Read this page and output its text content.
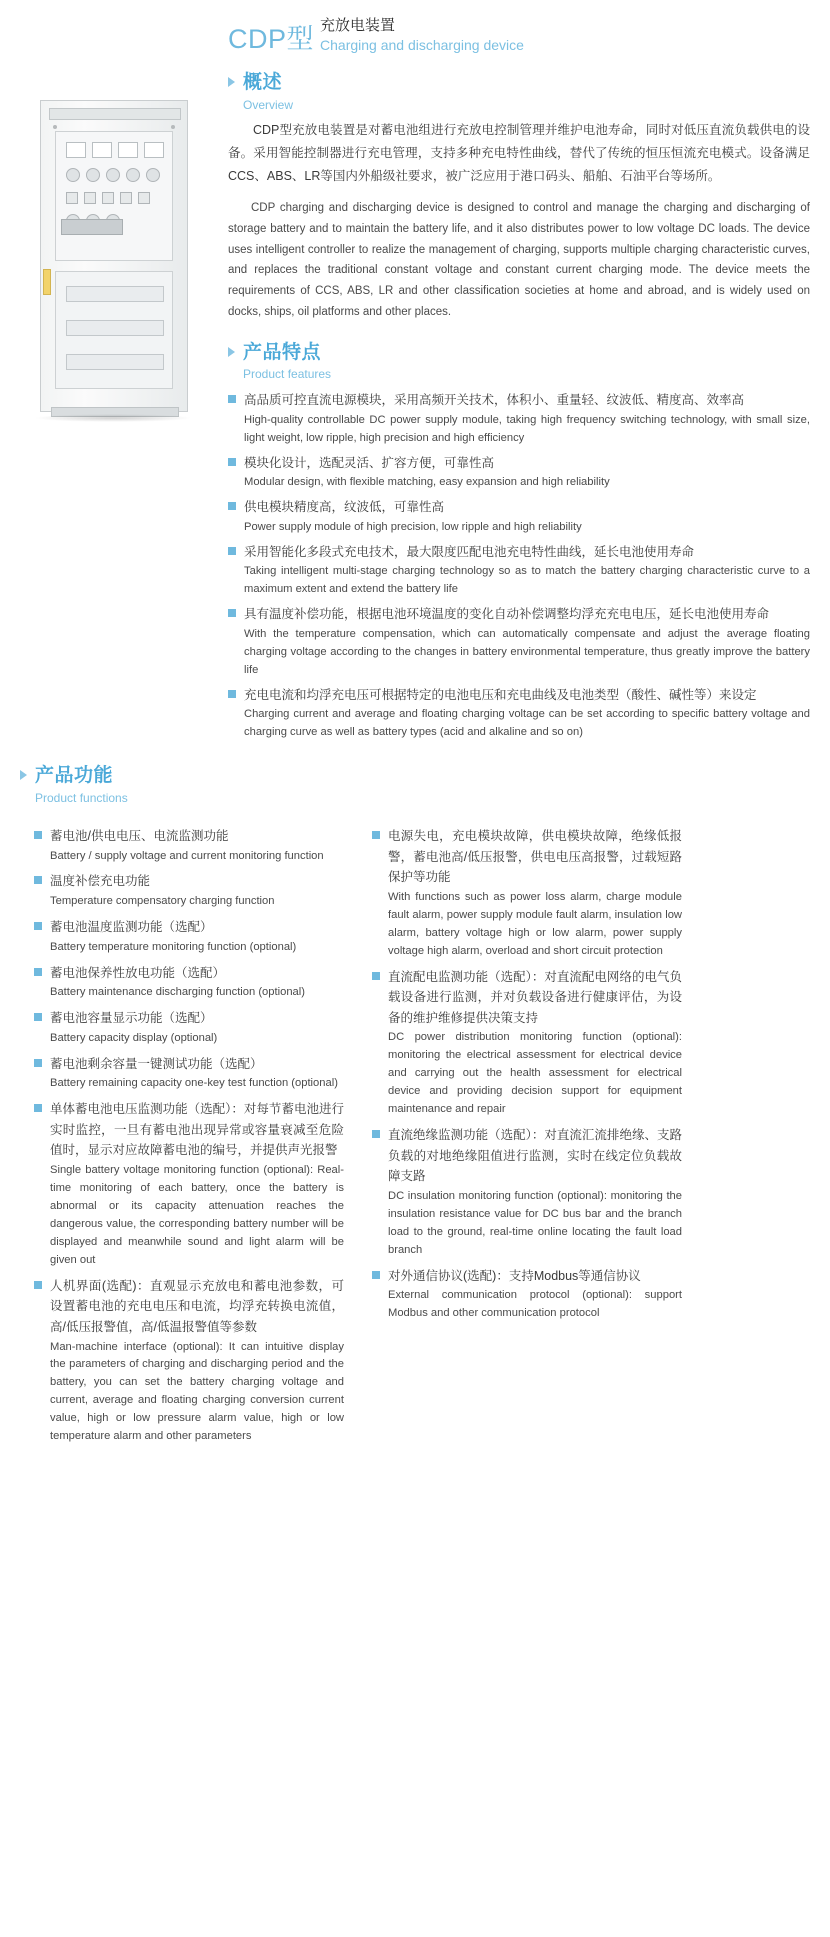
CDP型 充放电装置
Charging and discharging device
概述
Overview

CDP型充放电装置是对蓄电池组进行充放电控制管理并维护电池寿命，同时对低压直流负载供电的设备。采用智能控制器进行充电管理，支持多种充电特性曲线，替代了传统的恒压恒流充电模式。设备满足CCS、ABS、LR等国内外船级社要求，被广泛应用于港口码头、船舶、石油平台等场所。

CDP charging and discharging device is designed to control and manage the charging and discharging of storage battery and to maintain the battery life, and it also distributes power to low voltage DC loads. The device uses intelligent controller to realize the management of charging, supports multiple charging characteristic curves, and replaces the traditional constant voltage and constant current charging mode. The device meets the requirements of CCS, ABS, LR and other classification societies at home and abroad, and is widely used on docks, ships, oil platforms and other places.

产品特点
Product features
高品质可控直流电源模块，采用高频开关技术，体积小、重量轻、纹波低、精度高、效率高
High-quality controllable DC power supply module, taking high frequency switching technology, with small size, light weight, low ripple, high precision and high efficiency
模块化设计，选配灵活、扩容方便，可靠性高
Modular design, with flexible matching, easy expansion and high reliability
供电模块精度高，纹波低，可靠性高
Power supply module of high precision, low ripple and high reliability
采用智能化多段式充电技术，最大限度匹配电池充电特性曲线，延长电池使用寿命
Taking intelligent multi-stage charging technology so as to match the battery charging characteristic curve to a maximum extent and extend the battery life
具有温度补偿功能，根据电池环境温度的变化自动补偿调整均浮充充电电压，延长电池使用寿命
With the temperature compensation, which can automatically compensate and adjust the average floating charging voltage according to the changes in battery environmental temperature, thus greatly improve the battery life
充电电流和均浮充电压可根据特定的电池电压和充电曲线及电池类型（酸性、碱性等）来设定
Charging current and average and floating charging voltage can be set according to specific battery voltage and charging curve as well as battery types (acid and alkaline and so on)
产品功能
Product functions
蓄电池/供电电压、电流监测功能
Battery / supply voltage and current monitoring function
温度补偿充电功能
Temperature compensatory charging function
蓄电池温度监测功能（选配）
Battery temperature monitoring function (optional)
蓄电池保养性放电功能（选配）
Battery maintenance discharging function (optional)
蓄电池容量显示功能（选配）
Battery capacity display (optional)
蓄电池剩余容量一键测试功能（选配）
Battery remaining capacity one-key test function (optional)
单体蓄电池电压监测功能（选配）：对每节蓄电池进行实时监控，一旦有蓄电池出现异常或容量衰减至危险值时，显示对应故障蓄电池的编号，并提供声光报警
Single battery voltage monitoring function (optional): Real-time monitoring of each battery, once the battery is abnormal or its capacity attenuation reaches the dangerous value, the corresponding battery number will be displayed and meanwhile sound and light alarm will be given out
人机界面(选配)：直观显示充放电和蓄电池参数，可设置蓄电池的充电电压和电流，均浮充转换电流值，高/低压报警值，高/低温报警值等参数
Man-machine interface (optional): It can intuitive display the parameters of charging and discharging period and the battery, you can set the battery charging voltage and current, average and floating charging conversion current value, high or low pressure alarm value, high or low temperature alarm and other parameters
电源失电，充电模块故障，供电模块故障，绝缘低报警，蓄电池高/低压报警，供电电压高报警，过载短路保护等功能
With functions such as power loss alarm, charge module fault alarm, power supply module fault alarm, insulation low alarm, battery voltage high or low alarm, power supply voltage high alarm, overload and short circuit protection
直流配电监测功能（选配）：对直流配电网络的电气负载设备进行监测，并对负载设备进行健康评估，为设备的维护维修提供决策支持
DC power distribution monitoring function (optional): monitoring the electrical assessment for electrical device and carrying out the health assessment for electrical device and providing decision support for equipment maintenance and repair
直流绝缘监测功能（选配）：对直流汇流排绝缘、支路负载的对地绝缘阻值进行监测，实时在线定位负载故障支路
DC insulation monitoring function (optional): monitoring the insulation resistance value for DC bus bar and the branch load to the ground, real-time online locating the fault load branch
对外通信协议(选配)：支持Modbus等通信协议
External communication protocol (optional): support Modbus and other communication protocol
